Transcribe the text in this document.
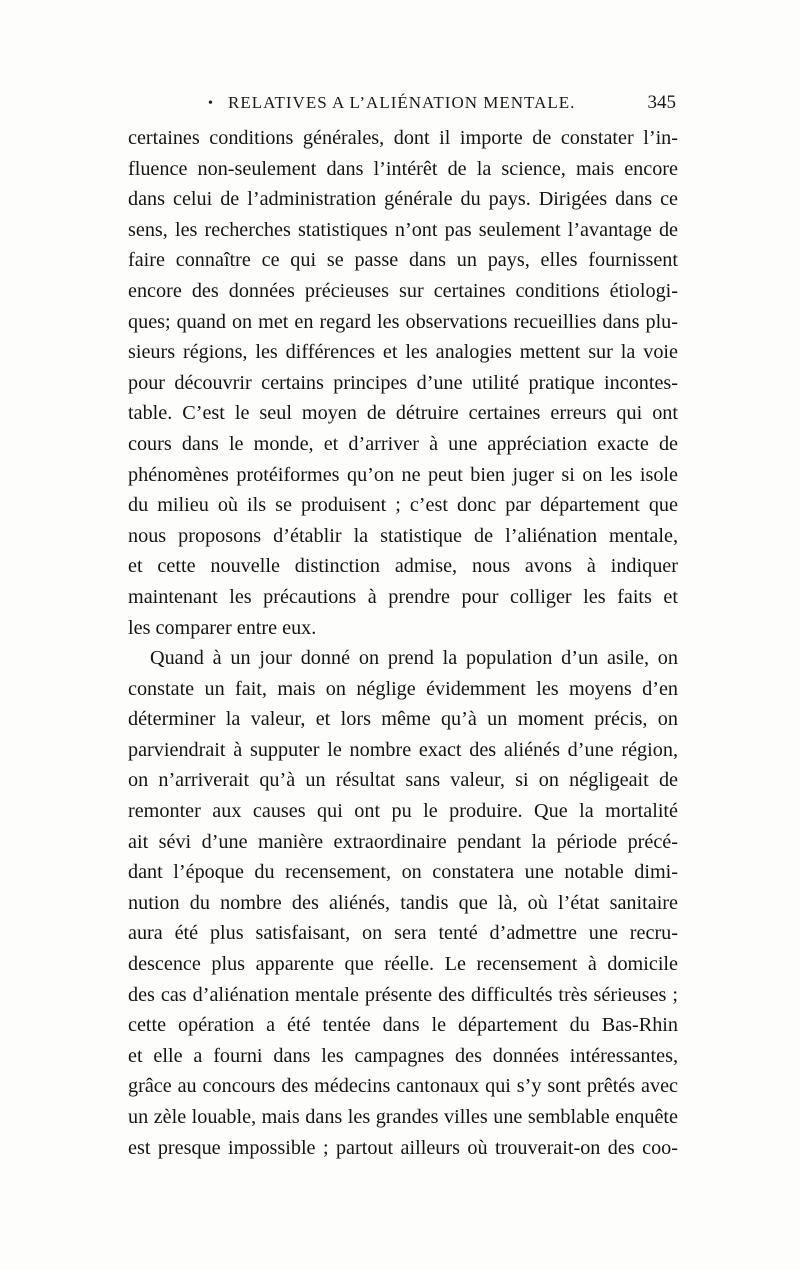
• RELATIVES A L’ALIÉNATION MENTALE.	345
certaines conditions générales, dont il importe de constater l’in-
fluence non-seulement dans l’intérêt de la science, mais encore
dans celui de l’administration générale du pays. Dirigées dans ce
sens, les recherches statistiques n’ont pas seulement l’avantage de
faire connaître ce qui se passe dans un pays, elles fournissent
encore des données précieuses sur certaines conditions étiologi-
ques; quand on met en regard les observations recueillies dans plu-
sieurs régions, les différences et les analogies mettent sur la voie
pour découvrir certains principes d’une utilité pratique incontes-
table. C’est le seul moyen de détruire certaines erreurs qui ont
cours dans le monde, et d’arriver à une appréciation exacte de
phénomènes protéiformes qu’on ne peut bien juger si on les isole
du milieu où ils se produisent ; c’est donc par département que
nous proposons d’établir la statistique de l’aliénation mentale,
et cette nouvelle distinction admise, nous avons à indiquer
maintenant les précautions à prendre pour colliger les faits et
les comparer entre eux.
Quand à un jour donné on prend la population d’un asile, on
constate un fait, mais on néglige évidemment les moyens d’en
déterminer la valeur, et lors même qu’à un moment précis, on
parviendrait à supputer le nombre exact des aliénés d’une région,
on n’arriverait qu’à un résultat sans valeur, si on négligeait de
remonter aux causes qui ont pu le produire. Que la mortalité
ait sévi d’une manière extraordinaire pendant la période précé-
dant l’époque du recensement, on constatera une notable dimi-
nution du nombre des aliénés, tandis que là, où l’état sanitaire
aura été plus satisfaisant, on sera tenté d’admettre une recru-
descence plus apparente que réelle. Le recensement à domicile
des cas d’aliénation mentale présente des difficultés très sérieuses ;
cette opération a été tentée dans le département du Bas-Rhin
et elle a fourni dans les campagnes des données intéressantes,
grâce au concours des médecins cantonaux qui s’y sont prêtés avec
un zèle louable, mais dans les grandes villes une semblable enquête
est presque impossible ; partout ailleurs où trouverait-on des coo-
